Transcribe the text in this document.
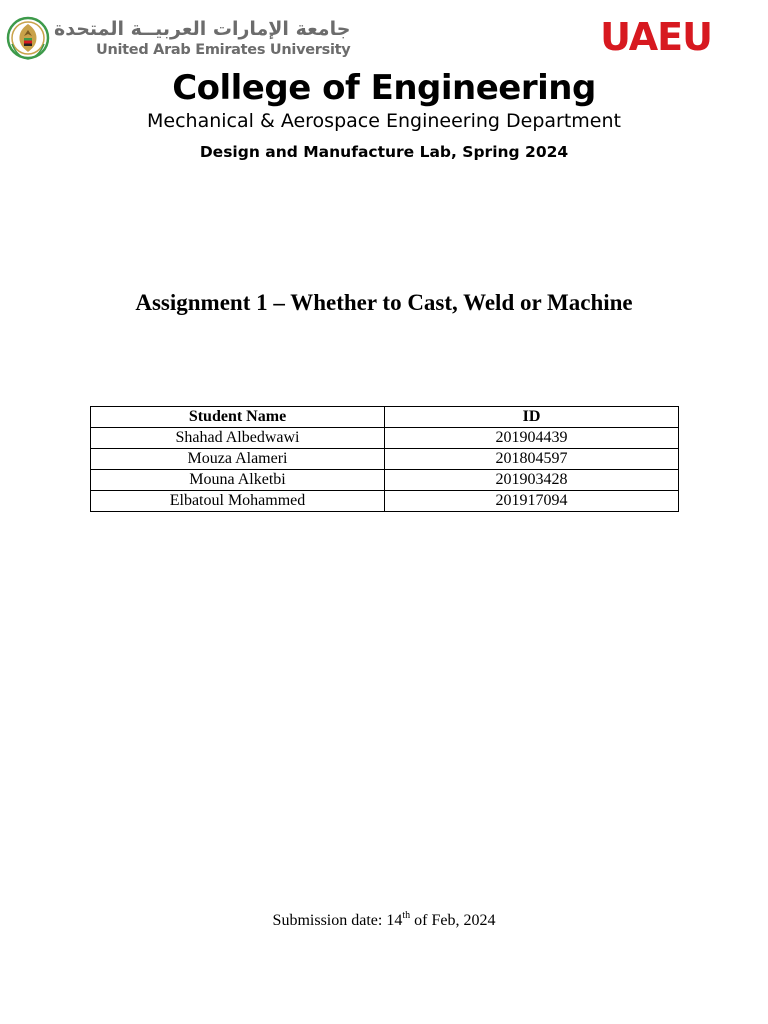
جامعة الإمارات العربيــة المتحدة
United Arab Emirates University	UAEU
College of Engineering
Mechanical & Aerospace Engineering Department
Design and Manufacture Lab, Spring 2024
Assignment 1 – Whether to Cast, Weld or Machine
Student Name	ID
Shahad Albedwawi	201904439
Mouza Alameri	201804597
Mouna Alketbi	201903428
Elbatoul Mohammed	201917094
Submission date: 14th of Feb, 2024
